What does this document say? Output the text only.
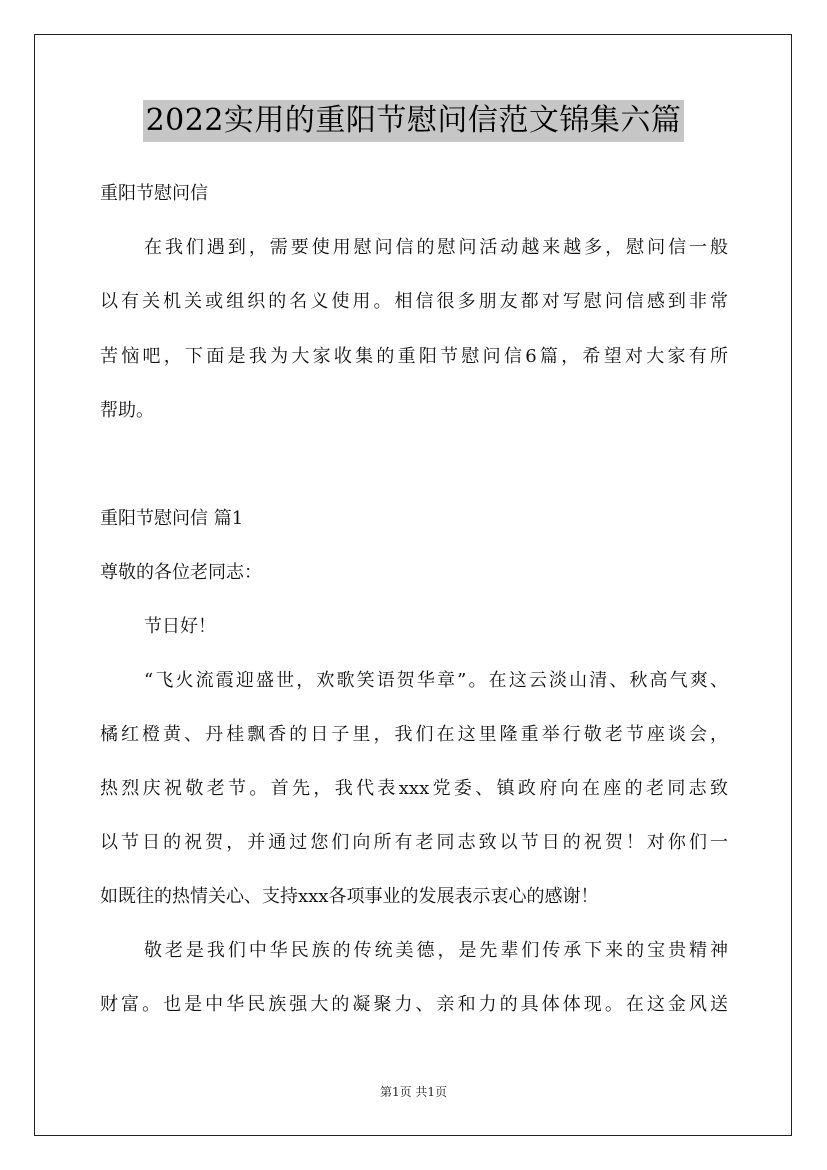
2022实用的重阳节慰问信范文锦集六篇
重阳节慰问信
在我们遇到，需要使用慰问信的慰问活动越来越多，慰问信一般
以有关机关或组织的名义使用。相信很多朋友都对写慰问信感到非常
苦恼吧，下面是我为大家收集的重阳节慰问信6篇，希望对大家有所
帮助。
重阳节慰问信 篇1
尊敬的各位老同志：
节日好！
“飞火流霞迎盛世，欢歌笑语贺华章”。在这云淡山清、秋高气爽、
橘红橙黄、丹桂飘香的日子里，我们在这里隆重举行敬老节座谈会，
热烈庆祝敬老节。首先，我代表xxx党委、镇政府向在座的老同志致
以节日的祝贺，并通过您们向所有老同志致以节日的祝贺！对你们一
如既往的热情关心、支持xxx各项事业的发展表示衷心的感谢！
敬老是我们中华民族的传统美德，是先辈们传承下来的宝贵精神
财富。也是中华民族强大的凝聚力、亲和力的具体体现。在这金风送
第1页 共1页
